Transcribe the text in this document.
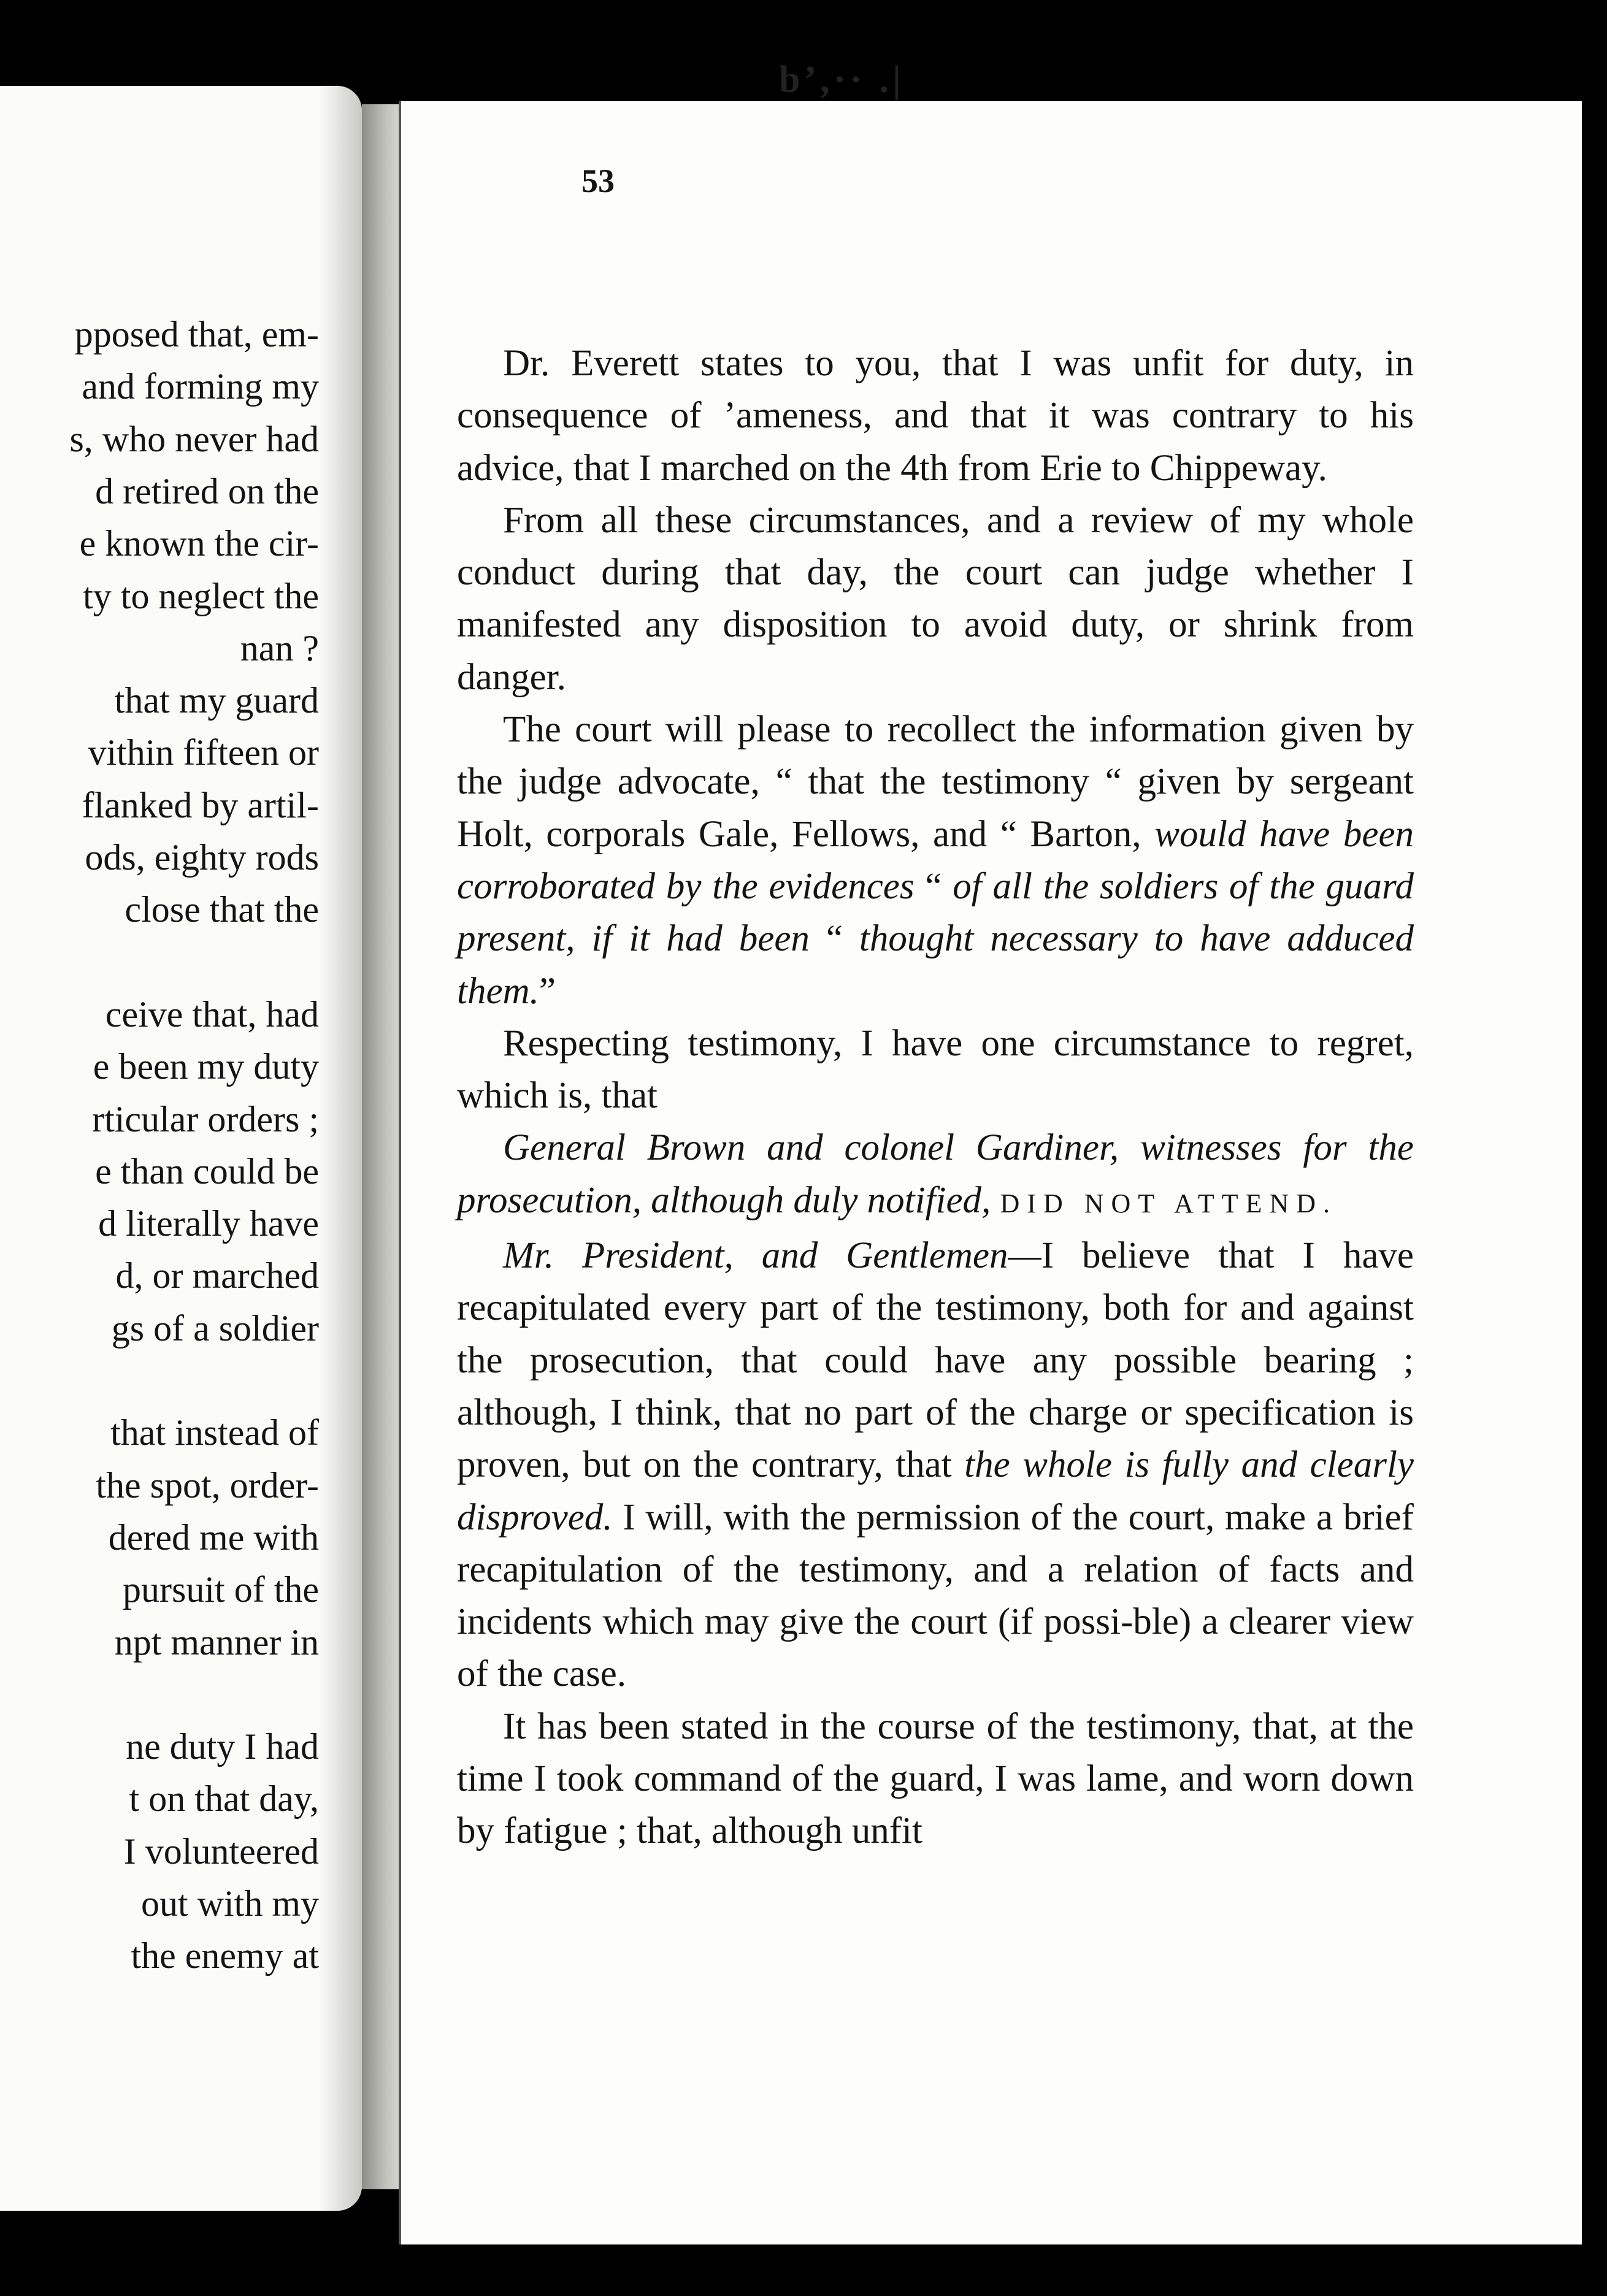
b’,·· .|
pposed that, em-
and forming my
s, who never had
d retired on the
e known the cir-
ty to neglect the
nan ?
that my guard
vithin fifteen or
flanked by artil-
ods, eighty rods
close that the
ceive that, had
e been my duty
rticular orders ;
e than could be
d literally have
d, or marched
gs of a soldier
that instead of
the spot, order-
dered me with
pursuit of the
npt manner in
ne duty I had
t on that day,
I volunteered
out with my
the enemy at
53

Dr. Everett states to you, that I was unfit for duty, in consequence of ʼameness, and that it was contrary to his advice, that I marched on the 4th from Erie to Chippeway.

From all these circumstances, and a review of my whole conduct during that day, the court can judge whether I manifested any disposition to avoid duty, or shrink from danger.

The court will please to recollect the information given by the judge advocate, “ that the testimony “ given by sergeant Holt, corporals Gale, Fellows, and “ Barton, would have been corroborated by the evidences “ of all the soldiers of the guard present, if it had been “ thought necessary to have adduced them.”

Respecting testimony, I have one circumstance to regret, which is, that

General Brown and colonel Gardiner, witnesses for the prosecution, although duly notified, DID NOT ATTEND.

Mr. President, and Gentlemen—I believe that I have recapitulated every part of the testimony, both for and against the prosecution, that could have any possible bearing ; although, I think, that no part of the charge or specification is proven, but on the contrary, that the whole is fully and clearly disproved. I will, with the permission of the court, make a brief recapitulation of the testimony, and a relation of facts and incidents which may give the court (if possi-ble) a clearer view of the case.

It has been stated in the course of the testimony, that, at the time I took command of the guard, I was lame, and worn down by fatigue ; that, although unfit
